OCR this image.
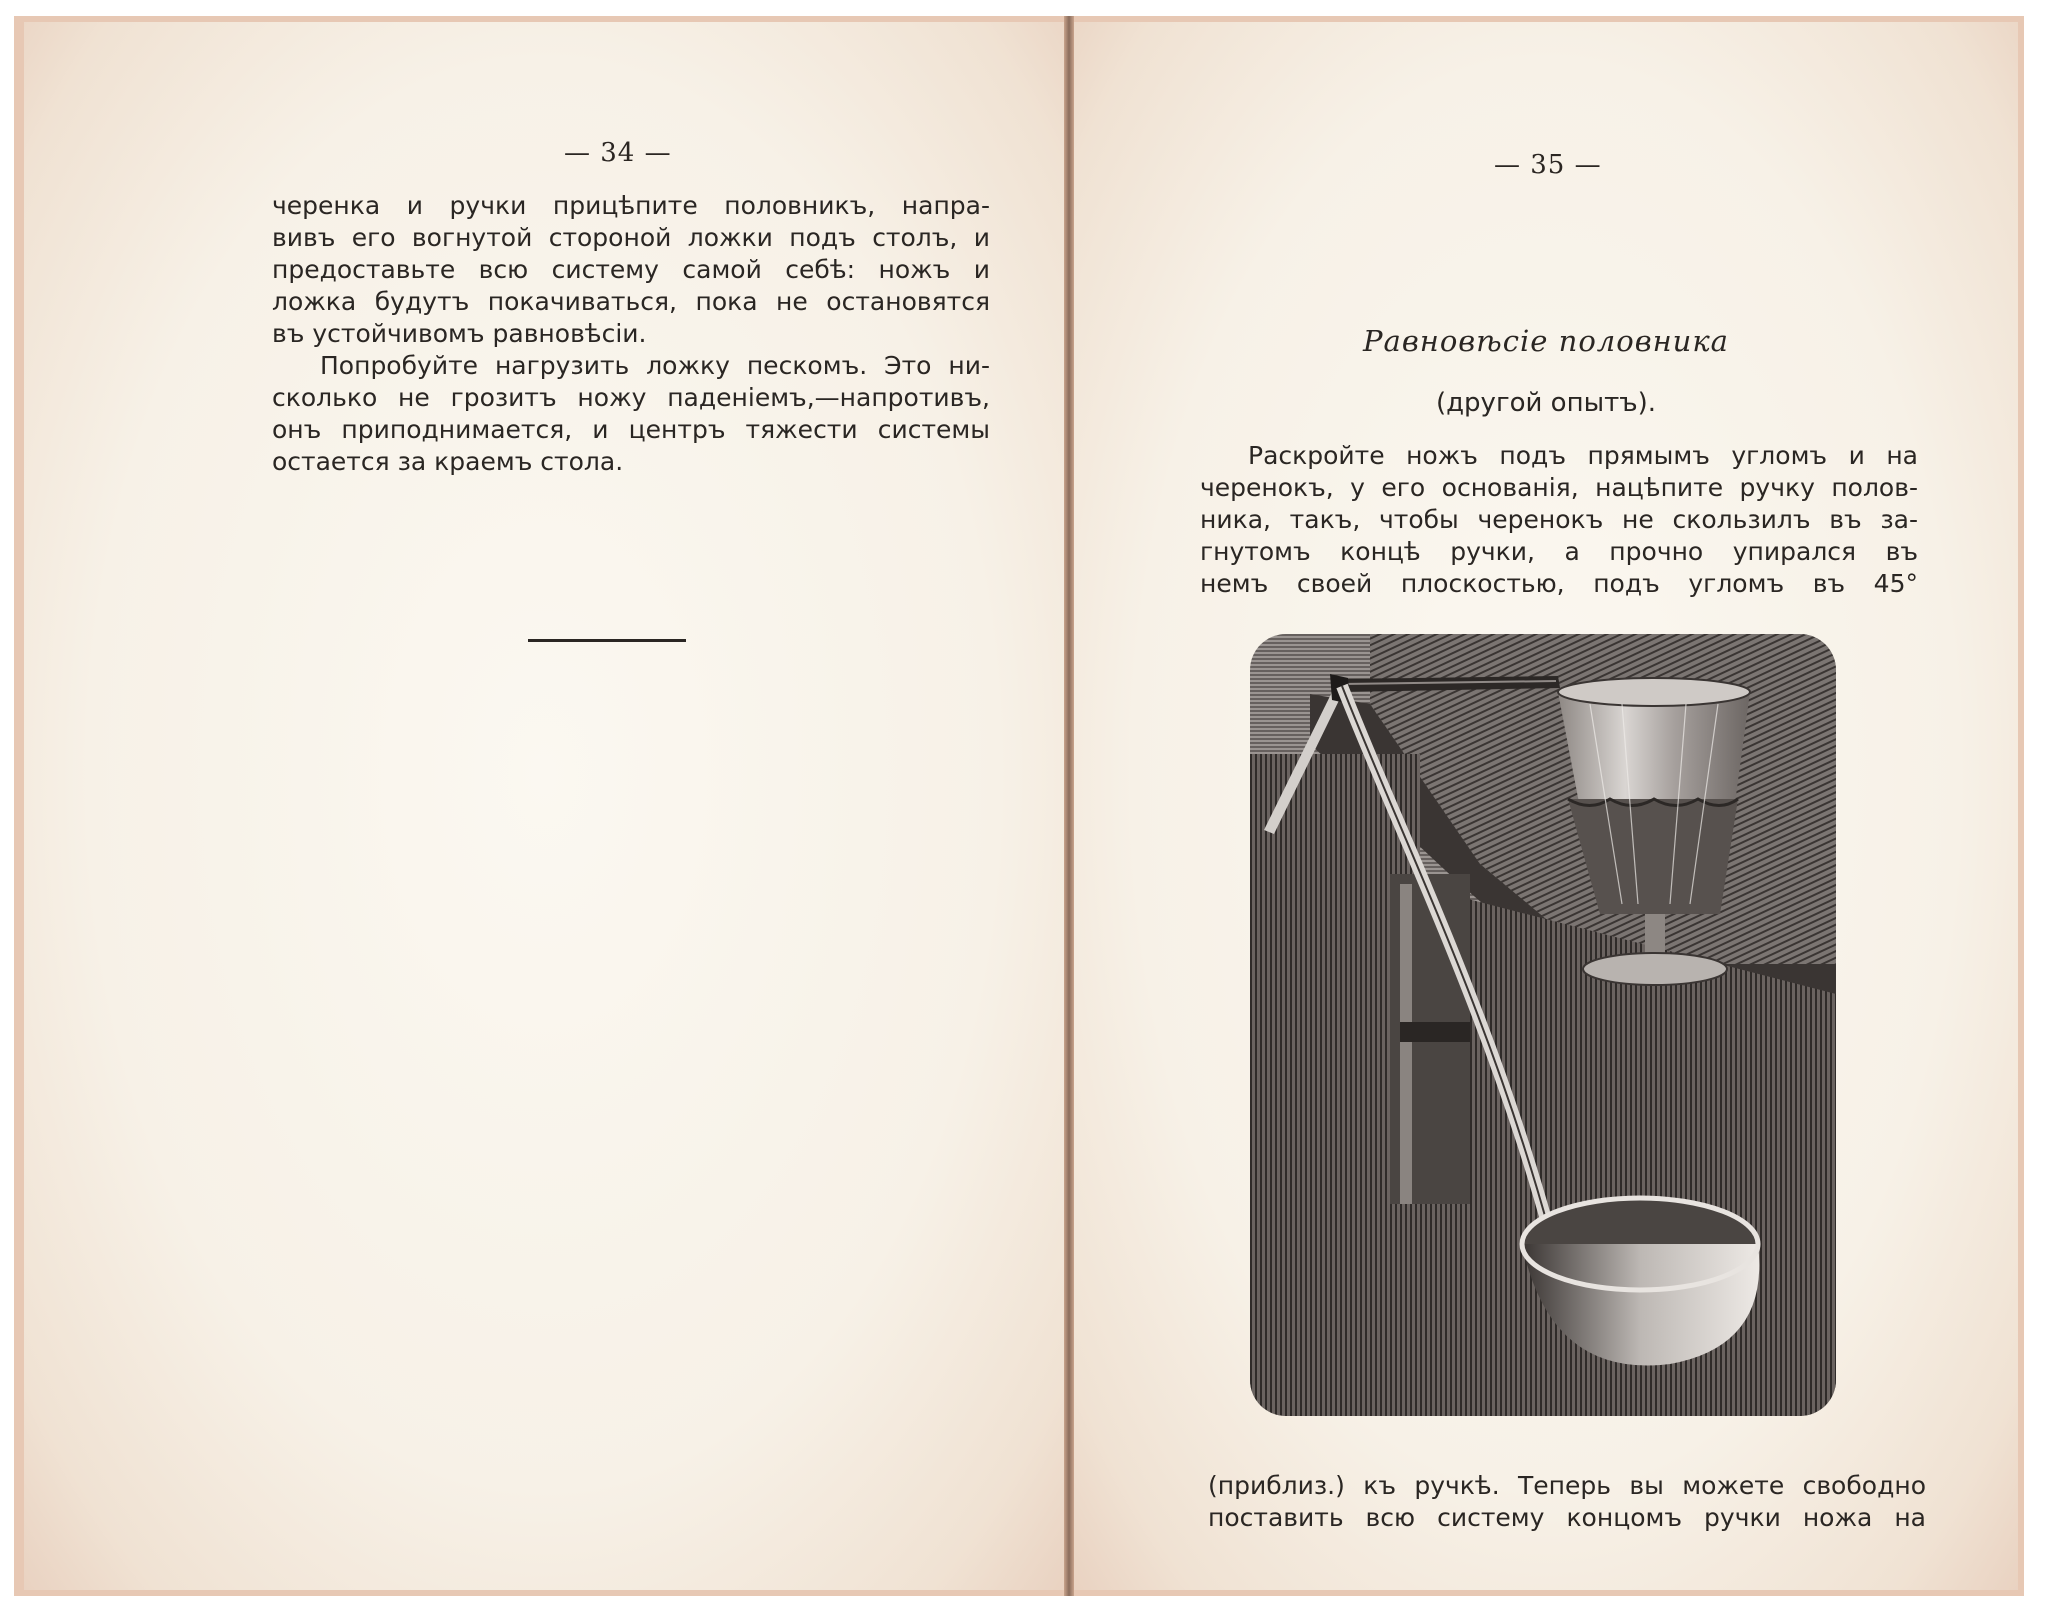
— 34 —

черенка и ручки прицѣпите половникъ, напра-

вивъ его вогнутой стороной ложки подъ столъ, и

предоставьте всю систему самой себѣ: ножъ и

ложка будутъ покачиваться, пока не остановятся

въ устойчивомъ равновѣсіи.

Попробуйте нагрузить ложку пескомъ. Это ни-

сколько не грозитъ ножу паденіемъ,—напротивъ,

онъ приподнимается, и центръ тяжести системы

остается за краемъ стола.

— 35 —
Равновѣсіе половника
(другой опытъ).

Раскройте ножъ подъ прямымъ угломъ и на

черенокъ, у его основанія, нацѣпите ручку полов-

ника, такъ, чтобы черенокъ не скользилъ въ за-

гнутомъ концѣ ручки, а прочно упирался въ

немъ своей плоскостью, подъ угломъ въ 45°

(приблиз.) къ ручкѣ. Теперь вы можете свободно

поставить всю систему концомъ ручки ножа на
